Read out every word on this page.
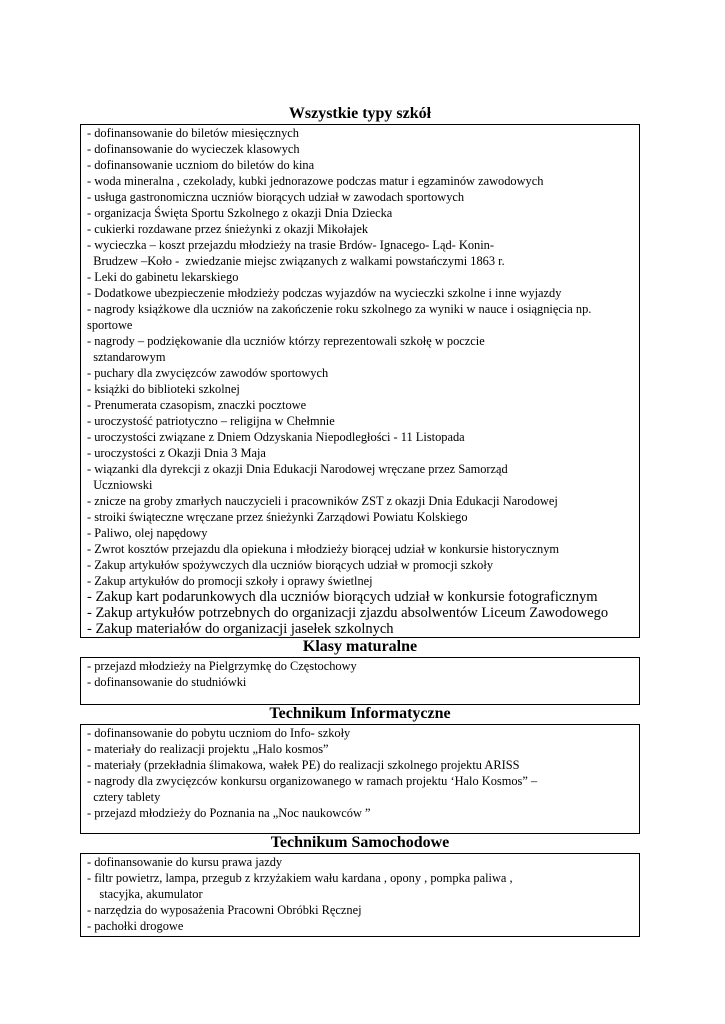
Wszystkie typy szkół
- dofinansowanie do biletów miesięcznych
- dofinansowanie do wycieczek klasowych
- dofinansowanie uczniom do biletów do kina
- woda mineralna , czekolady, kubki jednorazowe podczas matur i egzaminów zawodowych
- usługa gastronomiczna uczniów biorących udział w zawodach sportowych
- organizacja Święta Sportu Szkolnego z okazji Dnia Dziecka
- cukierki rozdawane przez śnieżynki z okazji Mikołajek
- wycieczka – koszt przejazdu młodzieży na trasie Brdów- Ignacego- Ląd- Konin-
Brudzew –Koło -  zwiedzanie miejsc związanych z walkami powstańczymi 1863 r.
- Leki do gabinetu lekarskiego
- Dodatkowe ubezpieczenie młodzieży podczas wyjazdów na wycieczki szkolne i inne wyjazdy
- nagrody książkowe dla uczniów na zakończenie roku szkolnego za wyniki w nauce i osiągnięcia np.
sportowe
- nagrody – podziękowanie dla uczniów którzy reprezentowali szkołę w poczcie
sztandarowym
- puchary dla zwycięzców zawodów sportowych
- książki do biblioteki szkolnej
- Prenumerata czasopism, znaczki pocztowe
- uroczystość patriotyczno – religijna w Chełmnie
- uroczystości związane z Dniem Odzyskania Niepodległości - 11 Listopada
- uroczystości z Okazji Dnia 3 Maja
- wiązanki dla dyrekcji z okazji Dnia Edukacji Narodowej wręczane przez Samorząd
Uczniowski
- znicze na groby zmarłych nauczycieli i pracowników ZST z okazji Dnia Edukacji Narodowej
- stroiki świąteczne wręczane przez śnieżynki Zarządowi Powiatu Kolskiego
- Paliwo, olej napędowy
- Zwrot kosztów przejazdu dla opiekuna i młodzieży biorącej udział w konkursie historycznym
- Zakup artykułów spożywczych dla uczniów biorących udział w promocji szkoły
- Zakup artykułów do promocji szkoły i oprawy świetlnej
- Zakup kart podarunkowych dla uczniów biorących udział w konkursie fotograficznym
- Zakup artykułów potrzebnych do organizacji zjazdu absolwentów Liceum Zawodowego
- Zakup materiałów do organizacji jasełek szkolnych
Klasy maturalne
- przejazd młodzieży na Pielgrzymkę do Częstochowy
- dofinansowanie do studniówki
Technikum Informatyczne
- dofinansowanie do pobytu uczniom do Info- szkoły
- materiały do realizacji projektu „Halo kosmos”
- materiały (przekładnia ślimakowa, wałek PE) do realizacji szkolnego projektu ARISS
- nagrody dla zwycięzców konkursu organizowanego w ramach projektu ‘Halo Kosmos” –
cztery tablety
- przejazd młodzieży do Poznania na „Noc naukowców ”
Technikum Samochodowe
- dofinansowanie do kursu prawa jazdy
- filtr powietrz, lampa, przegub z krzyżakiem wału kardana , opony , pompka paliwa ,
stacyjka, akumulator
- narzędzia do wyposażenia Pracowni Obróbki Ręcznej
- pachołki drogowe
